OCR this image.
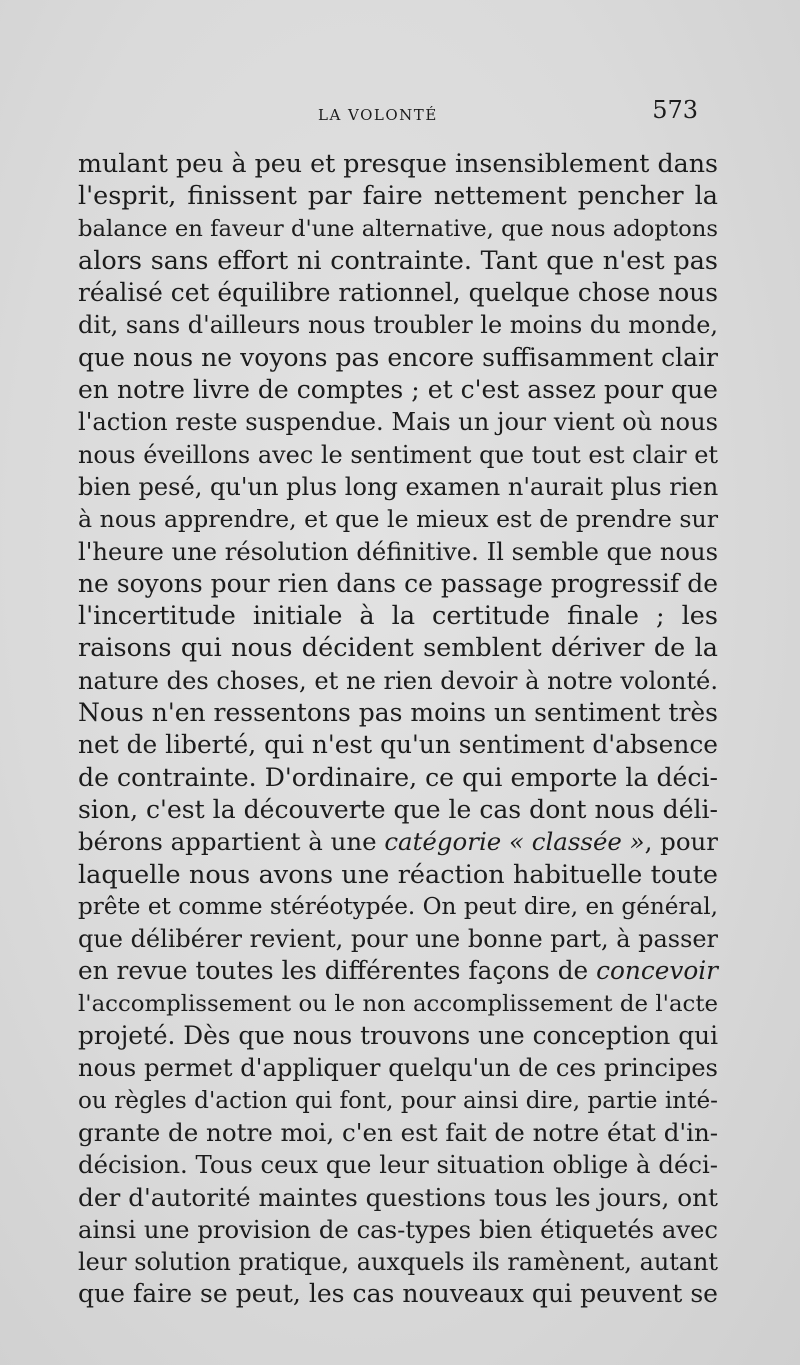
LA VOLONTÉ	573
mulant peu à peu et presque insensiblement dans
l'esprit, finissent par faire nettement pencher la
balance en faveur d'une alternative, que nous adoptons
alors sans effort ni contrainte. Tant que n'est pas
réalisé cet équilibre rationnel, quelque chose nous
dit, sans d'ailleurs nous troubler le moins du monde,
que nous ne voyons pas encore suffisamment clair
en notre livre de comptes ; et c'est assez pour que
l'action reste suspendue. Mais un jour vient où nous
nous éveillons avec le sentiment que tout est clair et
bien pesé, qu'un plus long examen n'aurait plus rien
à nous apprendre, et que le mieux est de prendre sur
l'heure une résolution définitive. Il semble que nous
ne soyons pour rien dans ce passage progressif de
l'incertitude initiale à la certitude finale ; les
raisons qui nous décident semblent dériver de la
nature des choses, et ne rien devoir à notre volonté.
Nous n'en ressentons pas moins un sentiment très
net de liberté, qui n'est qu'un sentiment d'absence
de contrainte. D'ordinaire, ce qui emporte la déci-
sion, c'est la découverte que le cas dont nous déli-
bérons appartient à une catégorie « classée », pour
laquelle nous avons une réaction habituelle toute
prête et comme stéréotypée. On peut dire, en général,
que délibérer revient, pour une bonne part, à passer
en revue toutes les différentes façons de concevoir
l'accomplissement ou le non accomplissement de l'acte
projeté. Dès que nous trouvons une conception qui
nous permet d'appliquer quelqu'un de ces principes
ou règles d'action qui font, pour ainsi dire, partie inté-
grante de notre moi, c'en est fait de notre état d'in-
décision. Tous ceux que leur situation oblige à déci-
der d'autorité maintes questions tous les jours, ont
ainsi une provision de cas-types bien étiquetés avec
leur solution pratique, auxquels ils ramènent, autant
que faire se peut, les cas nouveaux qui peuvent se
